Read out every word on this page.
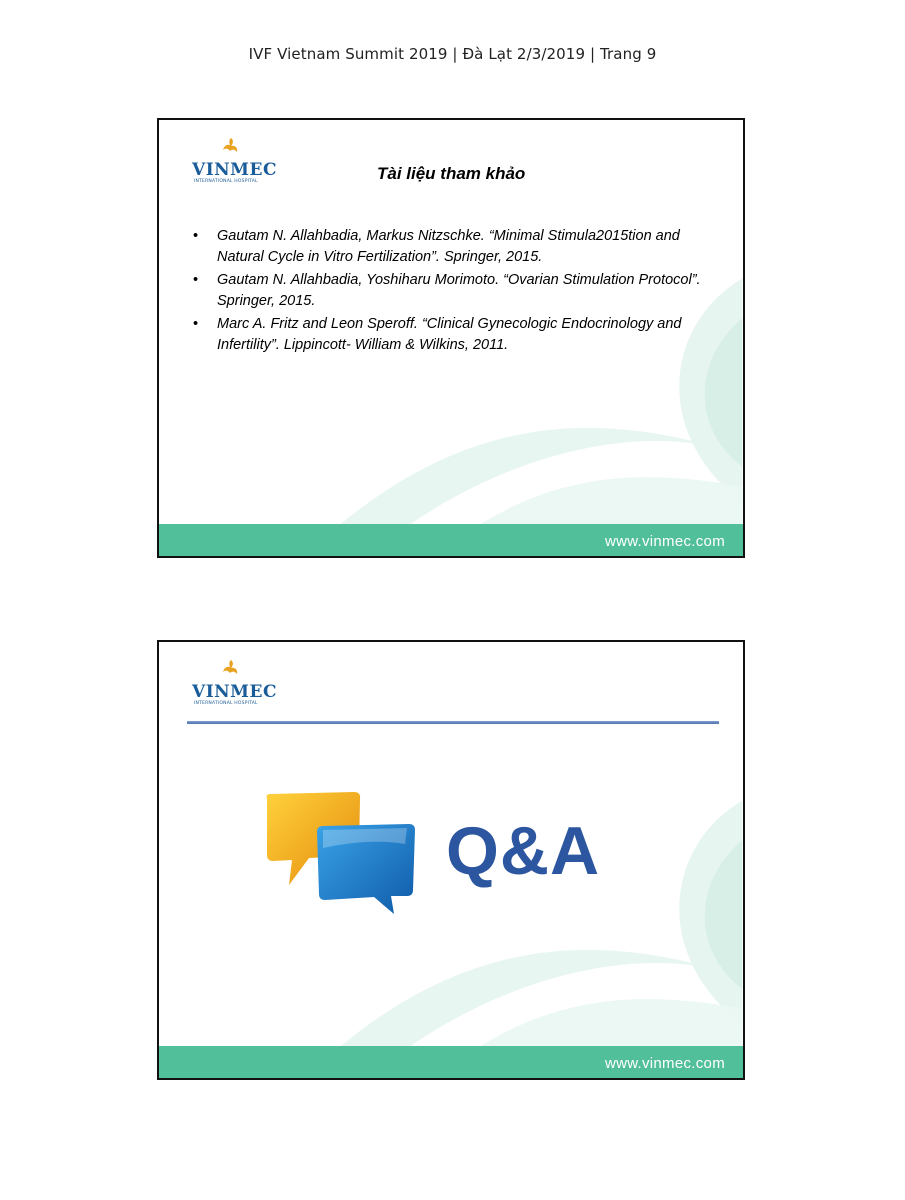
IVF Vietnam Summit 2019 | Đà Lạt 2/3/2019 | Trang 9
VINMEC
INTERNATIONAL HOSPITAL	Tài liệu tham khảo
• Gautam N. Allahbadia, Markus Nitzschke. “Minimal Stimula2015tion and Natural Cycle in Vitro Fertilization”. Springer, 2015.
• Gautam N. Allahbadia, Yoshiharu Morimoto. “Ovarian Stimulation Protocol”. Springer, 2015.
• Marc A. Fritz and Leon Speroff. “Clinical Gynecologic Endocrinology and Infertility”. Lippincott- William & Wilkins, 2011.
www.vinmec.com
VINMEC
INTERNATIONAL HOSPITAL
Q&A
www.vinmec.com
